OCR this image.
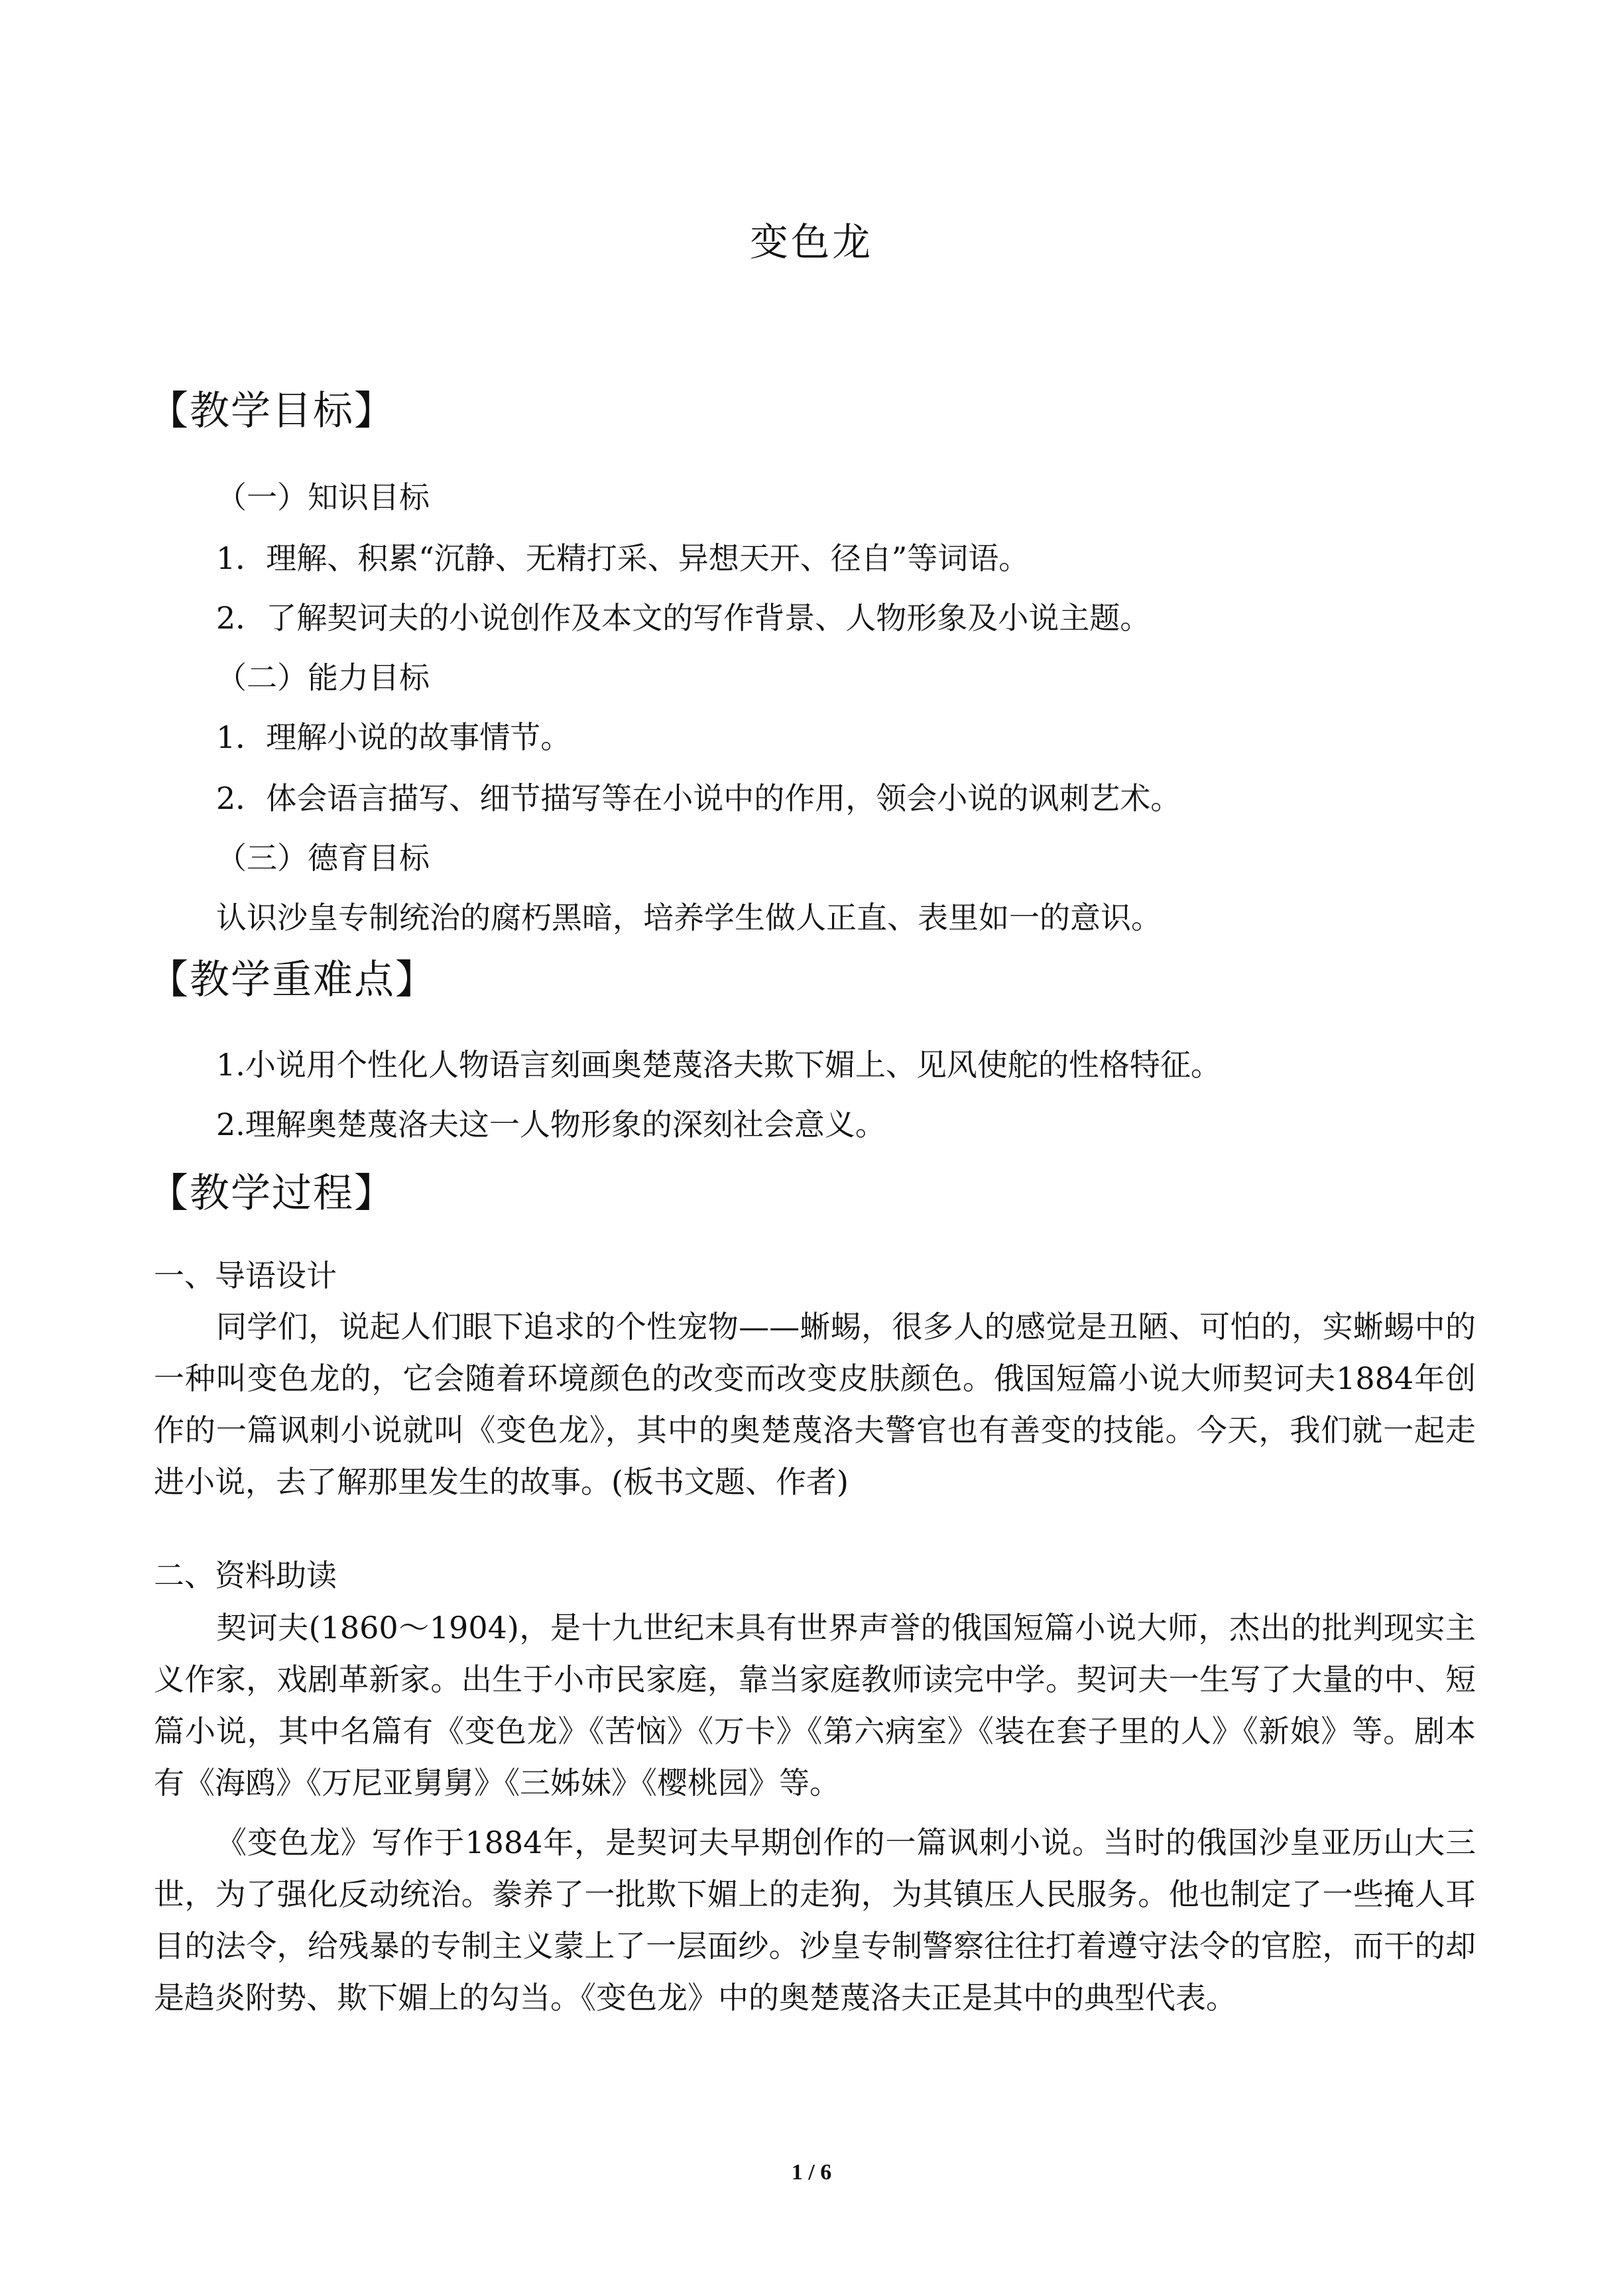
变色龙
【教学目标】
（一）知识目标
1．理解、积累“沉静、无精打采、异想天开、径自”等词语。
2．了解契诃夫的小说创作及本文的写作背景、人物形象及小说主题。
（二）能力目标
1．理解小说的故事情节。
2．体会语言描写、细节描写等在小说中的作用，领会小说的讽刺艺术。
（三）德育目标
认识沙皇专制统治的腐朽黑暗，培养学生做人正直、表里如一的意识。
【教学重难点】
1.小说用个性化人物语言刻画奥楚蔑洛夫欺下媚上、见风使舵的性格特征。
2.理解奥楚蔑洛夫这一人物形象的深刻社会意义。
【教学过程】
一、导语设计
同学们，说起人们眼下追求的个性宠物——蜥蜴，很多人的感觉是丑陋、可怕的，实蜥蜴中的一种叫变色龙的，它会随着环境颜色的改变而改变皮肤颜色。俄国短篇小说大师契诃夫1884年创作的一篇讽刺小说就叫《变色龙》，其中的奥楚蔑洛夫警官也有善变的技能。今天，我们就一起走进小说，去了解那里发生的故事。(板书文题、作者)
二、资料助读
契诃夫(1860～1904)，是十九世纪末具有世界声誉的俄国短篇小说大师，杰出的批判现实主义作家，戏剧革新家。出生于小市民家庭，靠当家庭教师读完中学。契诃夫一生写了大量的中、短篇小说，其中名篇有《变色龙》《苦恼》《万卡》《第六病室》《装在套子里的人》《新娘》等。剧本有《海鸥》《万尼亚舅舅》《三姊妹》《樱桃园》等。
《变色龙》写作于1884年，是契诃夫早期创作的一篇讽刺小说。当时的俄国沙皇亚历山大三世，为了强化反动统治。豢养了一批欺下媚上的走狗，为其镇压人民服务。他也制定了一些掩人耳目的法令，给残暴的专制主义蒙上了一层面纱。沙皇专制警察往往打着遵守法令的官腔，而干的却是趋炎附势、欺下媚上的勾当。《变色龙》中的奥楚蔑洛夫正是其中的典型代表。
1 / 6
